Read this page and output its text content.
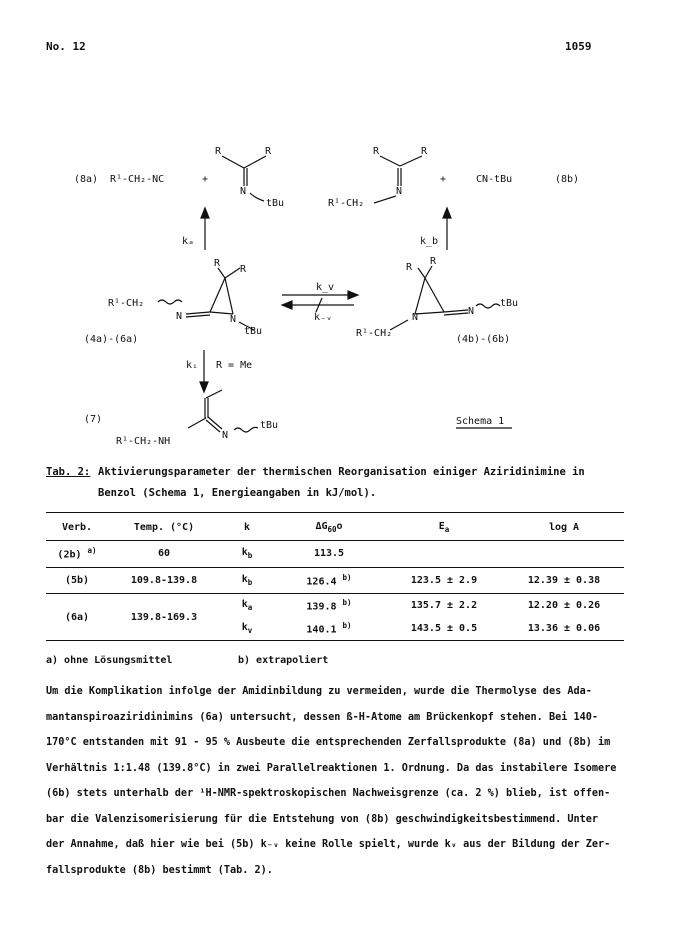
No. 12	1059
(8a) R¹-CH₂-NC	+
R	R
N
tBu
R	R
N
R¹-CH₂
+	CN-tBu	(8b)
kₐ	k_b
R
R
R¹-CH₂
N	N
tBu
(4a)-(6a)
k_v
k₋ᵥ
R
R
N
N
tBu
R¹-CH₂
(4b)-(6b)
kᵢ R = Me
(7)
R¹-CH₂-NH
N
tBu	Schema 1
Tab. 2: Aktivierungsparameter der thermischen Reorganisation einiger Aziridinimine in
Benzol (Schema 1, Energieangaben in kJ/mol).
Verb.	Temp. (°C)	k	$\Delta G_{60}o$	$E_a$	log A
(2b) $^{a)}$	60	$k_b$	113.5		
(5b)	109.8-139.8	$k_b$	126.4 $^{b)}$	123.5 ± 2.9	12.39 ± 0.38
(6a)	139.8-169.3	$k_a$	139.8 $^{b)}$	135.7 ± 2.2	12.20 ± 0.26
		$k_v$	140.1 $^{b)}$	143.5 ± 0.5	13.36 ± 0.06
a) ohne Lösungsmittel	b) extrapoliert
Um die Komplikation infolge der Amidinbildung zu vermeiden, wurde die Thermolyse des Ada-
mantanspiroaziridinimins (6a) untersucht, dessen ß-H-Atome am Brückenkopf stehen. Bei 140-
170°C entstanden mit 91 - 95 % Ausbeute die entsprechenden Zerfallsprodukte (8a) und (8b) im
Verhältnis 1:1.48 (139.8°C) in zwei Parallelreaktionen 1. Ordnung. Da das instabilere Isomere
(6b) stets unterhalb der ¹H-NMR-spektroskopischen Nachweisgrenze (ca. 2 %) blieb, ist offen-
bar die Valenzisomerisierung für die Entstehung von (8b) geschwindigkeitsbestimmend. Unter
der Annahme, daß hier wie bei (5b) k₋ᵥ keine Rolle spielt, wurde kᵥ aus der Bildung der Zer-
fallsprodukte (8b) bestimmt (Tab. 2).
